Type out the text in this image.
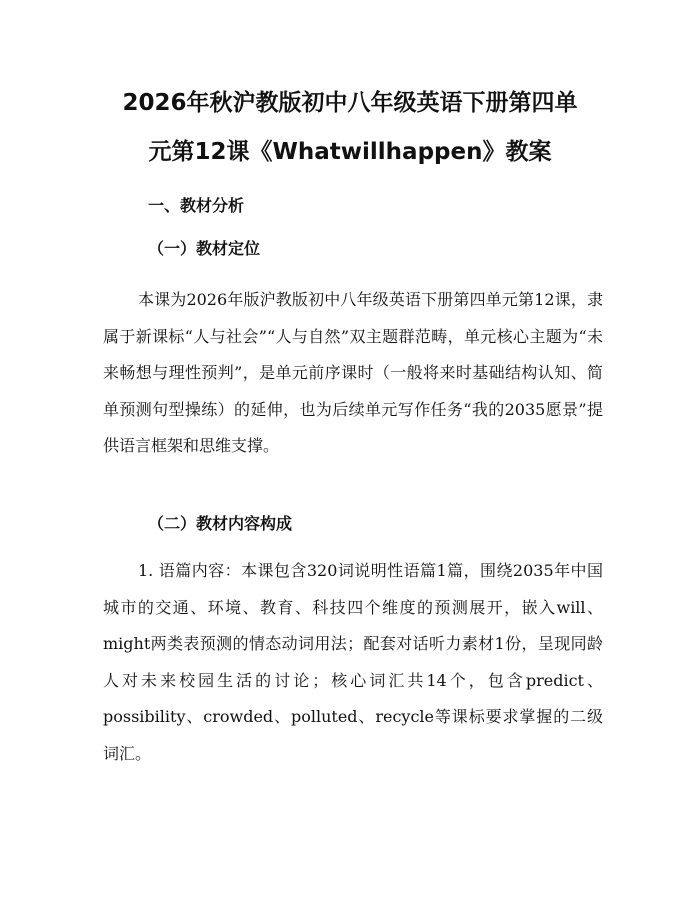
2026年秋沪教版初中八年级英语下册第四单
元第12课《Whatwillhappen》教案
一、教材分析
（一）教材定位

本课为2026年版沪教版初中八年级英语下册第四单元第12课，隶属于新课标“人与社会”“人与自然”双主题群范畴，单元核心主题为“未来畅想与理性预判”，是单元前序课时（一般将来时基础结构认知、简单预测句型操练）的延伸，也为后续单元写作任务“我的2035愿景”提供语言框架和思维支撑。

（二）教材内容构成

1. 语篇内容：本课包含320词说明性语篇1篇，围绕2035年中国城市的交通、环境、教育、科技四个维度的预测展开，嵌入will、might两类表预测的情态动词用法；配套对话听力素材1份，呈现同龄人对未来校园生活的讨论；核心词汇共14个，包含predict、possibility、crowded、polluted、recycle等课标要求掌握的二级词汇。
